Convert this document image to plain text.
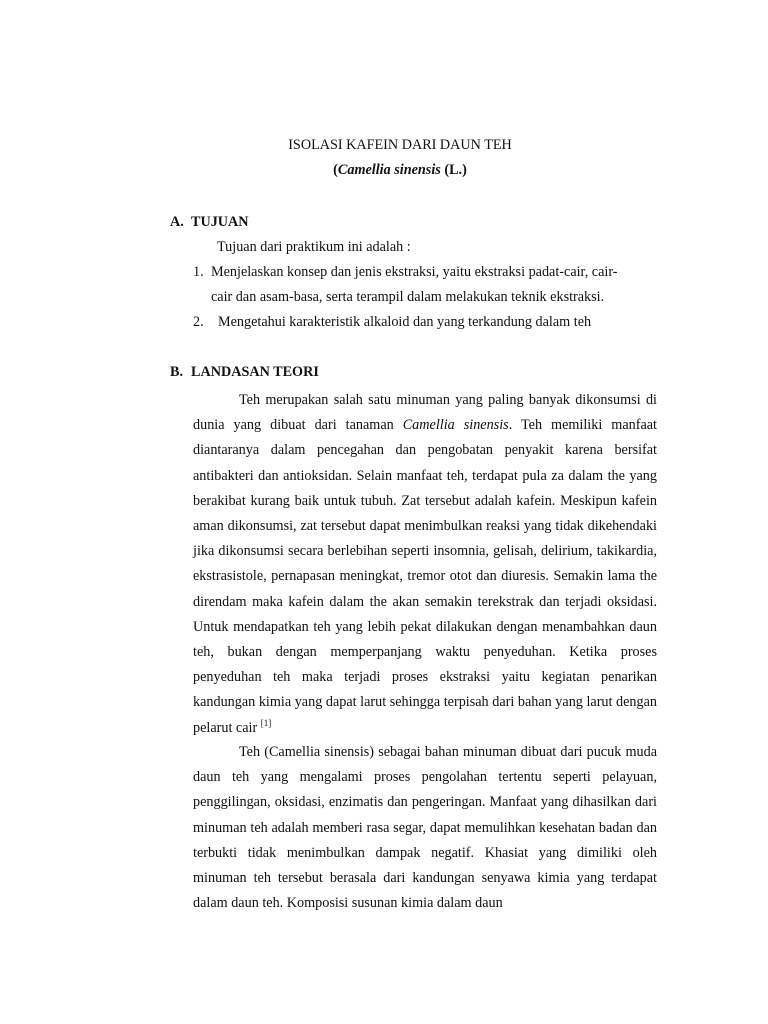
ISOLASI KAFEIN DARI DAUN TEH
(Camellia sinensis (L.)
A. TUJUAN
Tujuan dari praktikum ini adalah :
1. Menjelaskan konsep dan jenis ekstraksi, yaitu ekstraksi padat-cair, cair-
cair dan asam-basa, serta terampil dalam melakukan teknik ekstraksi.
2. Mengetahui karakteristik alkaloid dan yang terkandung dalam teh
B. LANDASAN TEORI

Teh merupakan salah satu minuman yang paling banyak dikonsumsi di dunia yang dibuat dari tanaman Camellia sinensis. Teh memiliki manfaat diantaranya dalam pencegahan dan pengobatan penyakit karena bersifat antibakteri dan antioksidan. Selain manfaat teh, terdapat pula za dalam the yang berakibat kurang baik untuk tubuh. Zat tersebut adalah kafein. Meskipun kafein aman dikonsumsi, zat tersebut dapat menimbulkan reaksi yang tidak dikehendaki jika dikonsumsi secara berlebihan seperti insomnia, gelisah, delirium, takikardia, ekstrasistole, pernapasan meningkat, tremor otot dan diuresis. Semakin lama the direndam maka kafein dalam the akan semakin terekstrak dan terjadi oksidasi. Untuk mendapatkan teh yang lebih pekat dilakukan dengan menambahkan daun teh, bukan dengan memperpanjang waktu penyeduhan. Ketika proses penyeduhan teh maka terjadi proses ekstraksi yaitu kegiatan penarikan kandungan kimia yang dapat larut sehingga terpisah dari bahan yang larut dengan pelarut cair [1]

Teh (Camellia sinensis) sebagai bahan minuman dibuat dari pucuk muda daun teh yang mengalami proses pengolahan tertentu seperti pelayuan, penggilingan, oksidasi, enzimatis dan pengeringan. Manfaat yang dihasilkan dari minuman teh adalah memberi rasa segar, dapat memulihkan kesehatan badan dan terbukti tidak menimbulkan dampak negatif. Khasiat yang dimiliki oleh minuman teh tersebut berasala dari kandungan senyawa kimia yang terdapat dalam daun teh. Komposisi susunan kimia dalam daun
